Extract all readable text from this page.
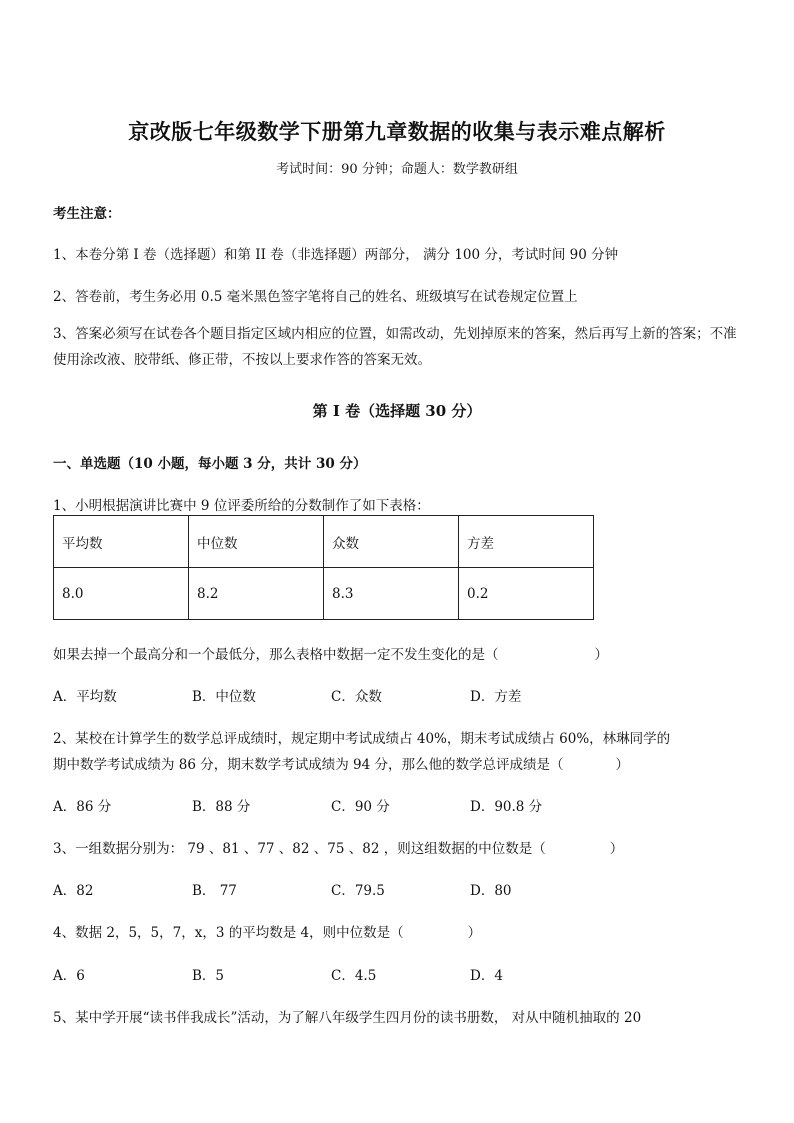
京改版七年级数学下册第九章数据的收集与表示难点解析
考试时间：90 分钟；命题人：数学教研组
考生注意：
1、本卷分第 I 卷（选择题）和第 II 卷（非选择题）两部分， 满分 100 分，考试时间 90 分钟
2、答卷前，考生务必用 0.5 毫米黑色签字笔将自己的姓名、班级填写在试卷规定位置上
3、答案必须写在试卷各个题目指定区域内相应的位置，如需改动，先划掉原来的答案，然后再写上新的答案；不准使用涂改液、胶带纸、修正带，不按以上要求作答的答案无效。
第 I 卷（选择题 30 分）
一、单选题（10 小题，每小题 3 分，共计 30 分）
1、小明根据演讲比赛中 9 位评委所给的分数制作了如下表格：
平均数	中位数	众数	方差
8.0	8.2	8.3	0.2
如果去掉一个最高分和一个最低分，那么表格中数据一定不发生变化的是（	）
A．平均数	B．中位数	C．众数	D．方差
2、某校在计算学生的数学总评成绩时，规定期中考试成绩占 40%，期末考试成绩占 60%，林琳同学的
期中数学考试成绩为 86 分，期末数学考试成绩为 94 分，那么他的数学总评成绩是（	）
A．86 分	B．88 分	C．90 分	D．90.8 分
3、一组数据分别为： 79 、81 、77 、82 、75 、82 ，则这组数据的中位数是（	）
A．82	B． 77	C．79.5	D．80
4、数据 2，5，5，7，x，3 的平均数是 4，则中位数是（	）
A．6	B．5	C．4.5	D．4
5、某中学开展“读书伴我成长”活动，为了解八年级学生四月份的读书册数， 对从中随机抽取的 20
